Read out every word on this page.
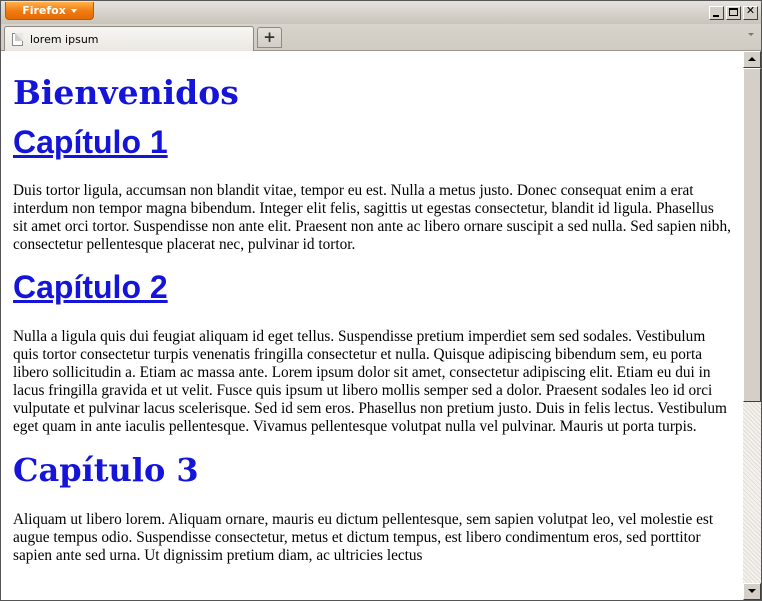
Firefox	✕
lorem ipsum	+
Bienvenidos
Capítulo 1

Duis tortor ligula, accumsan non blandit vitae, tempor eu est. Nulla a metus justo. Donec consequat enim a erat interdum non tempor magna bibendum. Integer elit felis, sagittis ut egestas consectetur, blandit id ligula. Phasellus sit amet orci tortor. Suspendisse non ante elit. Praesent non ante ac libero ornare suscipit a sed nulla. Sed sapien nibh, consectetur pellentesque placerat nec, pulvinar id tortor.

Capítulo 2

Nulla a ligula quis dui feugiat aliquam id eget tellus. Suspendisse pretium imperdiet sem sed sodales. Vestibulum quis tortor consectetur turpis venenatis fringilla consectetur et nulla. Quisque adipiscing bibendum sem, eu porta libero sollicitudin a. Etiam ac massa ante. Lorem ipsum dolor sit amet, consectetur adipiscing elit. Etiam eu dui in lacus fringilla gravida et ut velit. Fusce quis ipsum ut libero mollis semper sed a dolor. Praesent sodales leo id orci vulputate et pulvinar lacus scelerisque. Sed id sem eros. Phasellus non pretium justo. Duis in felis lectus. Vestibulum eget quam in ante iaculis pellentesque. Vivamus pellentesque volutpat nulla vel pulvinar. Mauris ut porta turpis.

Capítulo 3

Aliquam ut libero lorem. Aliquam ornare, mauris eu dictum pellentesque, sem sapien volutpat leo, vel molestie est augue tempus odio. Suspendisse consectetur, metus et dictum tempus, est libero condimentum eros, sed porttitor sapien ante sed urna. Ut dignissim pretium diam, ac ultricies lectus
